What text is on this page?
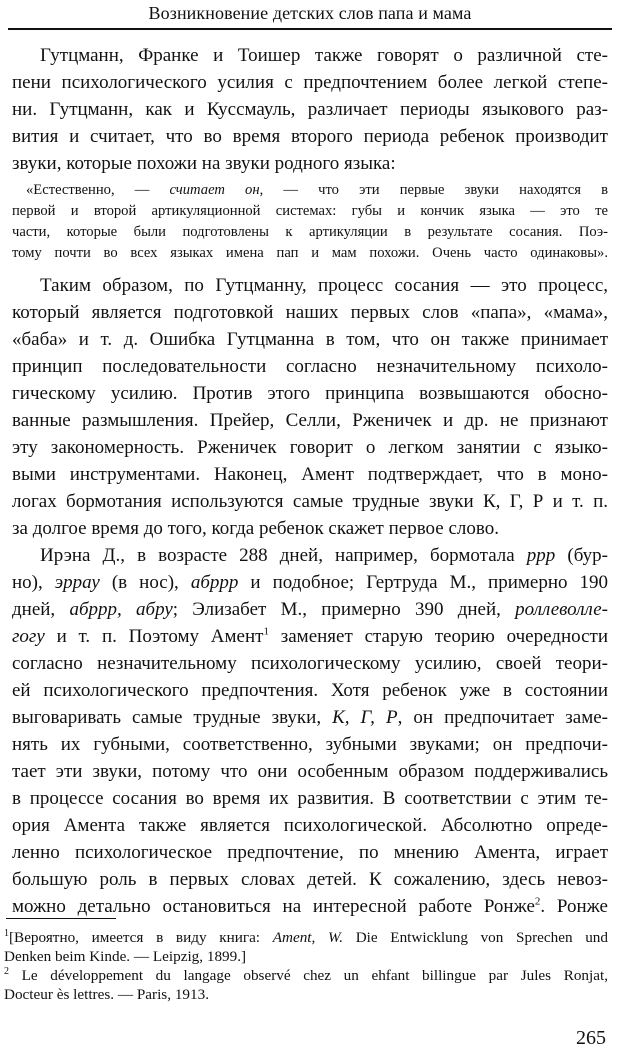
Возникновение детских слов папа и мама
Гутцманн, Франке и Тоишер также говорят о различной сте-
пени психологического усилия с предпочтением более легкой степе-
ни. Гутцманн, как и Куссмауль, различает периоды языкового раз-
вития и считает, что во время второго периода ребенок производит
звуки, которые похожи на звуки родного языка:
«Естественно, — считает он, — что эти первые звуки находятся в
первой и второй артикуляционной системах: губы и кончик языка — это те
части, которые были подготовлены к артикуляции в результате сосания. Поэ-
тому почти во всех языках имена пап и мам похожи. Очень часто одинаковы».
Таким образом, по Гутцманну, процесс сосания — это процесс,
который является подготовкой наших первых слов «папа», «мама»,
«баба» и т. д. Ошибка Гутцманна в том, что он также принимает
принцип последовательности согласно незначительному психоло-
гическому усилию. Против этого принципа возвышаются обосно-
ванные размышления. Прейер, Селли, Рженичек и др. не признают
эту закономерность. Рженичек говорит о легком занятии с языко-
выми инструментами. Наконец, Амент подтверждает, что в моно-
логах бормотания используются самые трудные звуки К, Г, Р и т. п.
за долгое время до того, когда ребенок скажет первое слово.
Ирэна Д., в возрасте 288 дней, например, бормотала ррр (бур-
но), эррау (в нос), абррр и подобное; Гертруда М., примерно 190
дней, абррр, абру; Элизабет М., примерно 390 дней, роллеволле-
гогу и т. п. Поэтому Амент$^1$ заменяет старую теорию очередности
согласно незначительному психологическому усилию, своей теори-
ей психологического предпочтения. Хотя ребенок уже в состоянии
выговаривать самые трудные звуки, К, Г, Р, он предпочитает заме-
нять их губными, соответственно, зубными звуками; он предпочи-
тает эти звуки, потому что они особенным образом поддерживались
в процессе сосания во время их развития. В соответствии с этим те-
ория Амента также является психологической. Абсолютно опреде-
ленно психологическое предпочтение, по мнению Амента, играет
большую роль в первых словах детей. К сожалению, здесь невоз-
можно детально остановиться на интересной работе Ронже$^2$. Ронже
$^1$[Вероятно, имеется в виду книга: Ament, W. Die Entwicklung von Sprechen und
Denken beim Kinde. — Leipzig, 1899.]
$^2$ Le développement du langage observé chez un ehfant billingue par Jules Ronjat,
Docteur ès lettres. — Paris, 1913.
265
